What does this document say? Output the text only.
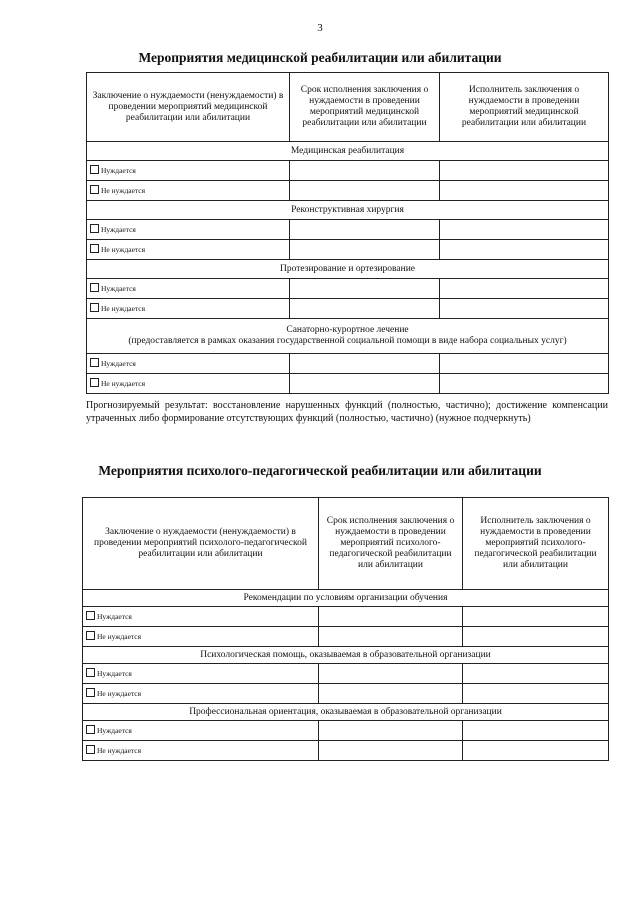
3
Мероприятия медицинской реабилитации или абилитации
Заключение о нуждаемости (ненуждаемости) в проведении мероприятий медицинской реабилитации или абилитации	Срок исполнения заключения о нуждаемости в проведении мероприятий медицинской реабилитации или абилитации	Исполнитель заключения о нуждаемости в проведении мероприятий медицинской реабилитации или абилитации
Медицинская реабилитация		
Нуждается		
Не нуждается		
Реконструктивная хирургия		
Нуждается		
Не нуждается		
Протезирование и ортезирование		
Нуждается		
Не нуждается		
Санаторно-курортное лечение
(предоставляется в рамках оказания государственной социальной помощи в виде набора социальных услуг)		
Нуждается		
Не нуждается		
Прогнозируемый результат: восстановление нарушенных функций (полностью, частично); достижение компенсации утраченных либо формирование отсутствующих функций (полностью, частично) (нужное подчеркнуть)
Мероприятия психолого-педагогической реабилитации или абилитации
Заключение о нуждаемости (ненуждаемости) в проведении мероприятий психолого-педагогической реабилитации или абилитации	Срок исполнения заключения о нуждаемости в проведении мероприятий психолого-педагогической реабилитации или абилитации	Исполнитель заключения о нуждаемости в проведении мероприятий психолого-педагогической реабилитации или абилитации
Рекомендации по условиям организации обучения		
Нуждается		
Не нуждается		
Психологическая помощь, оказываемая в образовательной организации		
Нуждается		
Не нуждается		
Профессиональная ориентация, оказываемая в образовательной организации		
Нуждается		
Не нуждается		
